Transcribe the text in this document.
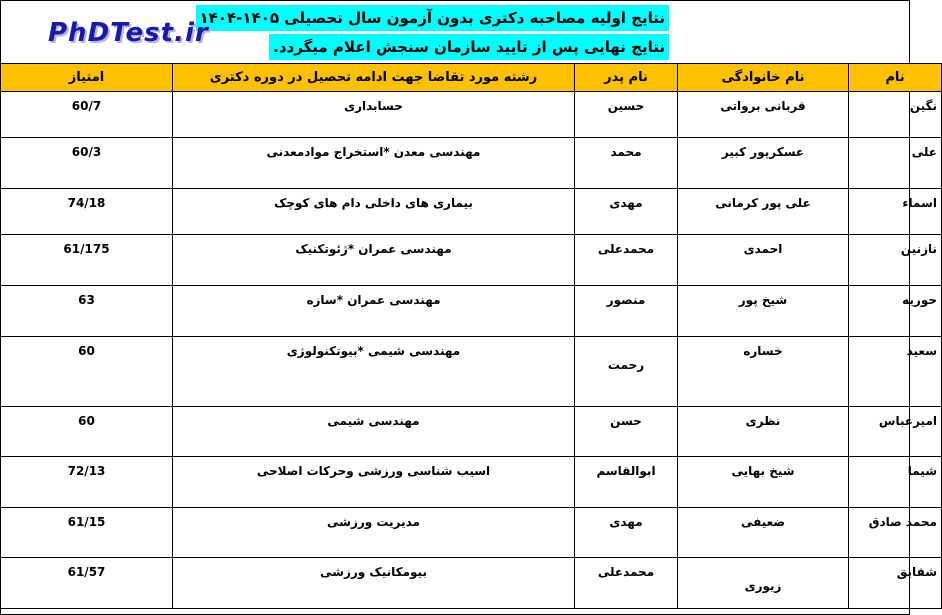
نتایج اولیه مصاحبه دکتری بدون آزمون سال تحصیلی ۱۴۰۵-۱۴۰۴
نتایج نهایی پس از تایید سازمان سنجش اعلام میگردد.
PhDTest.ir
نام	نام خانوادگی	نام پدر	رشته مورد تقاضا جهت ادامه تحصیل در دوره دکتری	امتیاز
نگین	قربانی برواتی	حسین	حسابداری	60/7
علی	عسکرپور کبیر	محمد	مهندسی معدن *استخراج موادمعدنی	60/3
اسماء	علی پور کرمانی	مهدی	بیماری های داخلی دام های کوچک	74/18
نازنین	احمدی	محمدعلی	مهندسی عمران *ژئوتکنیک	61/175
حوریه	شیخ پور	منصور	مهندسی عمران *سازه	63
سعید	خساره	رحمت	مهندسی شیمی *بیوتکنولوژی	60
امیرعباس	نظری	حسن	مهندسی شیمی	60
شیما	شیخ بهایی	ابوالقاسم	اسیب شناسی ورزشی وحرکات اصلاحی	72/13
محمد صادق	ضعیفی	مهدی	مدیریت ورزشی	61/15
شقایق	زیوری	محمدعلی	بیومکانیک ورزشی	61/57
